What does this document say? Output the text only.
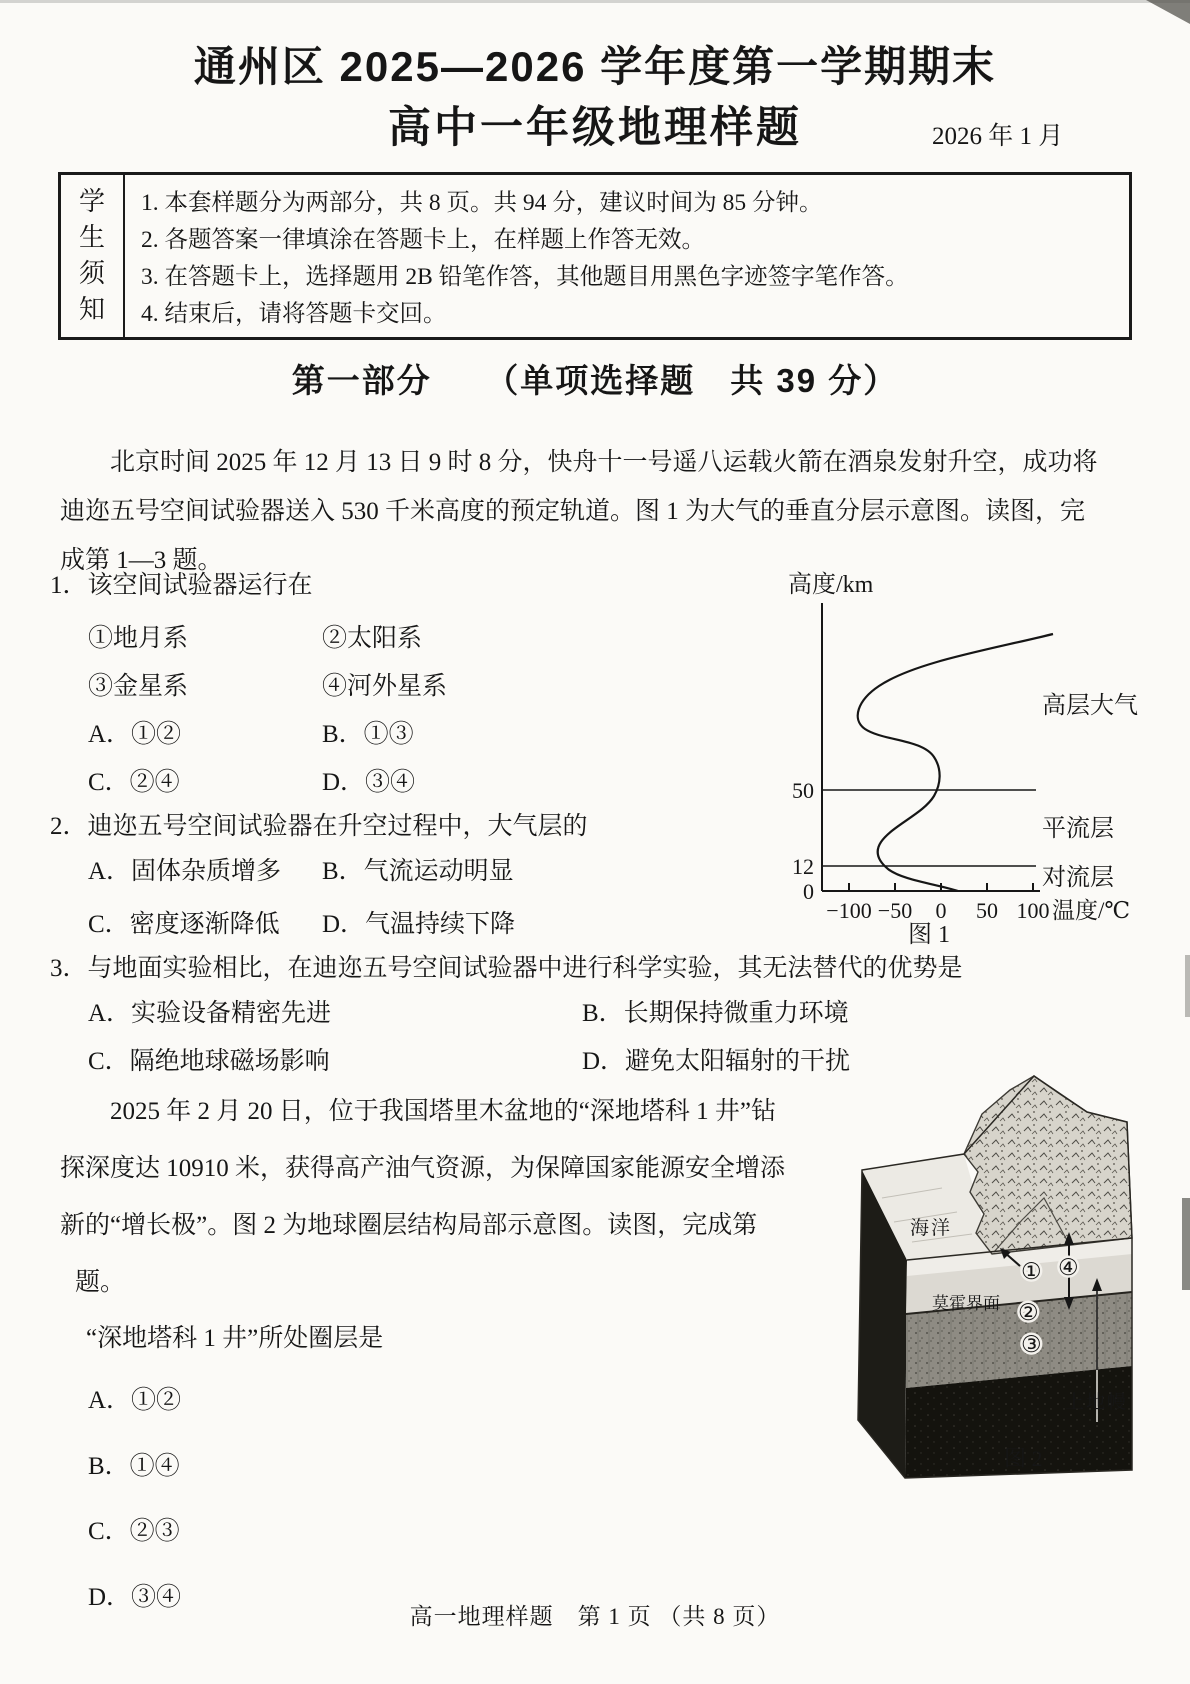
通州区 2025—2026 学年度第一学期期末
高中一年级地理样题	2026 年 1 月
学
生
须
知
1. 本套样题分为两部分，共 8 页。共 94 分，建议时间为 85 分钟。
2. 各题答案一律填涂在答题卡上，在样题上作答无效。
3. 在答题卡上，选择题用 2B 铅笔作答，其他题目用黑色字迹签字笔作答。
4. 结束后，请将答题卡交回。
第一部分　　（单项选择题　共 39 分）
北京时间 2025 年 12 月 13 日 9 时 8 分，快舟十一号遥八运载火箭在酒泉发射升空，成功将
迪迩五号空间试验器送入 530 千米高度的预定轨道。图 1 为大气的垂直分层示意图。读图，完
成第 1—3 题。
1．该空间试验器运行在
①地月系	②太阳系
③金星系	④河外星系
A．①②	B．①③
C．②④	D．③④
2．迪迩五号空间试验器在升空过程中，大气层的
A．固体杂质增多 B．气流运动明显
C．密度逐渐降低 D．气温持续下降
3．与地面实验相比，在迪迩五号空间试验器中进行科学实验，其无法替代的优势是
A．实验设备精密先进	B．长期保持微重力环境
C．隔绝地球磁场影响	D．避免太阳辐射的干扰
2025 年 2 月 20 日，位于我国塔里木盆地的“深地塔科 1 井”钻
探深度达 10910 米，获得高产油气资源，为保障国家能源安全增添
新的“增长极”。图 2 为地球圈层结构局部示意图。读图，完成第
题。
“深地塔科 1 井”所处圈层是
A．①②
B．①④
C．②③
D．③④
高度/km
0
12
50
−100 −50 0 50 100 温度/℃
高层大气
平流层
对流层
图 1
海洋
莫霍界面
上地幔
①
②
③
④
图 2
高一地理样题　第 1 页 （共 8 页）
